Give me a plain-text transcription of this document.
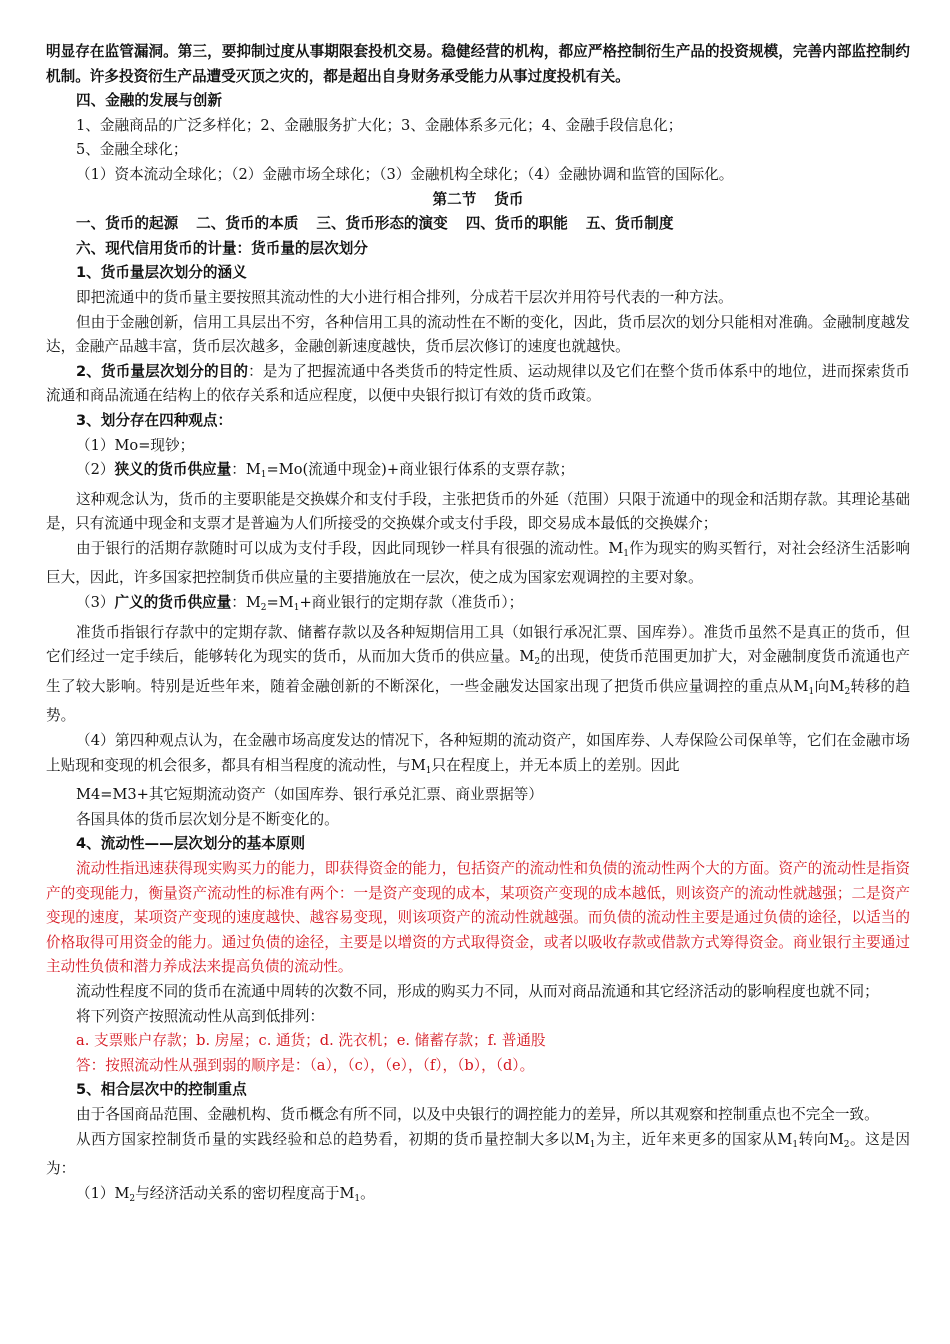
明显存在监管漏洞。第三，要抑制过度从事期限套投机交易。稳健经营的机构，都应严格控制衍生产品的投资规模，完善内部监控制约机制。许多投资衍生产品遭受灭顶之灾的，都是超出自身财务承受能力从事过度投机有关。

四、金融的发展与创新

1、金融商品的广泛多样化；2、金融服务扩大化；3、金融体系多元化；4、金融手段信息化；

5、金融全球化；

（1）资本流动全球化；（2）金融市场全球化；（3）金融机构全球化；（4）金融协调和监管的国际化。

第二节 货币

一、货币的起源 二、货币的本质 三、货币形态的演变 四、货币的职能 五、货币制度

六、现代信用货币的计量：货币量的层次划分

1、货币量层次划分的涵义

即把流通中的货币量主要按照其流动性的大小进行相合排列，分成若干层次并用符号代表的一种方法。

但由于金融创新，信用工具层出不穷，各种信用工具的流动性在不断的变化，因此，货币层次的划分只能相对准确。金融制度越发达，金融产品越丰富，货币层次越多，金融创新速度越快，货币层次修订的速度也就越快。

2、货币量层次划分的目的：是为了把握流通中各类货币的特定性质、运动规律以及它们在整个货币体系中的地位，进而探索货币流通和商品流通在结构上的依存关系和适应程度，以便中央银行拟订有效的货币政策。

3、划分存在四种观点：

（1）Mo=现钞；

（2）狭义的货币供应量：$M_1=Mo$(流通中现金)+商业银行体系的支票存款；

这种观念认为，货币的主要职能是交换媒介和支付手段，主张把货币的外延（范围）只限于流通中的现金和活期存款。其理论基础是，只有流通中现金和支票才是普遍为人们所接受的交换媒介或支付手段，即交易成本最低的交换媒介；

由于银行的活期存款随时可以成为支付手段，因此同现钞一样具有很强的流动性。$M_1$作为现实的购买暂行，对社会经济生活影响巨大，因此，许多国家把控制货币供应量的主要措施放在一层次，使之成为国家宏观调控的主要对象。

（3）广义的货币供应量：$M_2=M_1+$商业银行的定期存款（准货币）；

准货币指银行存款中的定期存款、储蓄存款以及各种短期信用工具（如银行承况汇票、国库券）。准货币虽然不是真正的货币，但它们经过一定手续后，能够转化为现实的货币，从而加大货币的供应量。$M_2$的出现，使货币范围更加扩大，对金融制度货币流通也产生了较大影响。特别是近些年来，随着金融创新的不断深化，一些金融发达国家出现了把货币供应量调控的重点从$M_1$向$M_2$转移的趋势。

（4）第四种观点认为，在金融市场高度发达的情况下，各种短期的流动资产，如国库券、人寿保险公司保单等，它们在金融市场上贴现和变现的机会很多，都具有相当程度的流动性，与$M_1$只在程度上，并无本质上的差别。因此

M4=M3+其它短期流动资产（如国库券、银行承兑汇票、商业票据等）

各国具体的货币层次划分是不断变化的。

4、流动性——层次划分的基本原则

流动性指迅速获得现实购买力的能力，即获得资金的能力，包括资产的流动性和负债的流动性两个大的方面。资产的流动性是指资产的变现能力，衡量资产流动性的标准有两个：一是资产变现的成本，某项资产变现的成本越低，则该资产的流动性就越强；二是资产变现的速度，某项资产变现的速度越快、越容易变现，则该项资产的流动性就越强。而负债的流动性主要是通过负债的途径，以适当的价格取得可用资金的能力。通过负债的途径，主要是以增资的方式取得资金，或者以吸收存款或借款方式筹得资金。商业银行主要通过主动性负债和潜力养成法来提高负债的流动性。

流动性程度不同的货币在流通中周转的次数不同，形成的购买力不同，从而对商品流通和其它经济活动的影响程度也就不同；

将下列资产按照流动性从高到低排列：

a. 支票账户存款；b. 房屋；c. 通货；d. 洗衣机；e. 储蓄存款；f. 普通股

答：按照流动性从强到弱的顺序是：（a），（c），（e），（f），（b），（d）。

5、相合层次中的控制重点

由于各国商品范围、金融机构、货币概念有所不同，以及中央银行的调控能力的差异，所以其观察和控制重点也不完全一致。

从西方国家控制货币量的实践经验和总的趋势看，初期的货币量控制大多以$M_1$为主，近年来更多的国家从$M_1$转向$M_2$。这是因为：

$(1)M_2$与经济活动关系的密切程度高于$M_1$。
